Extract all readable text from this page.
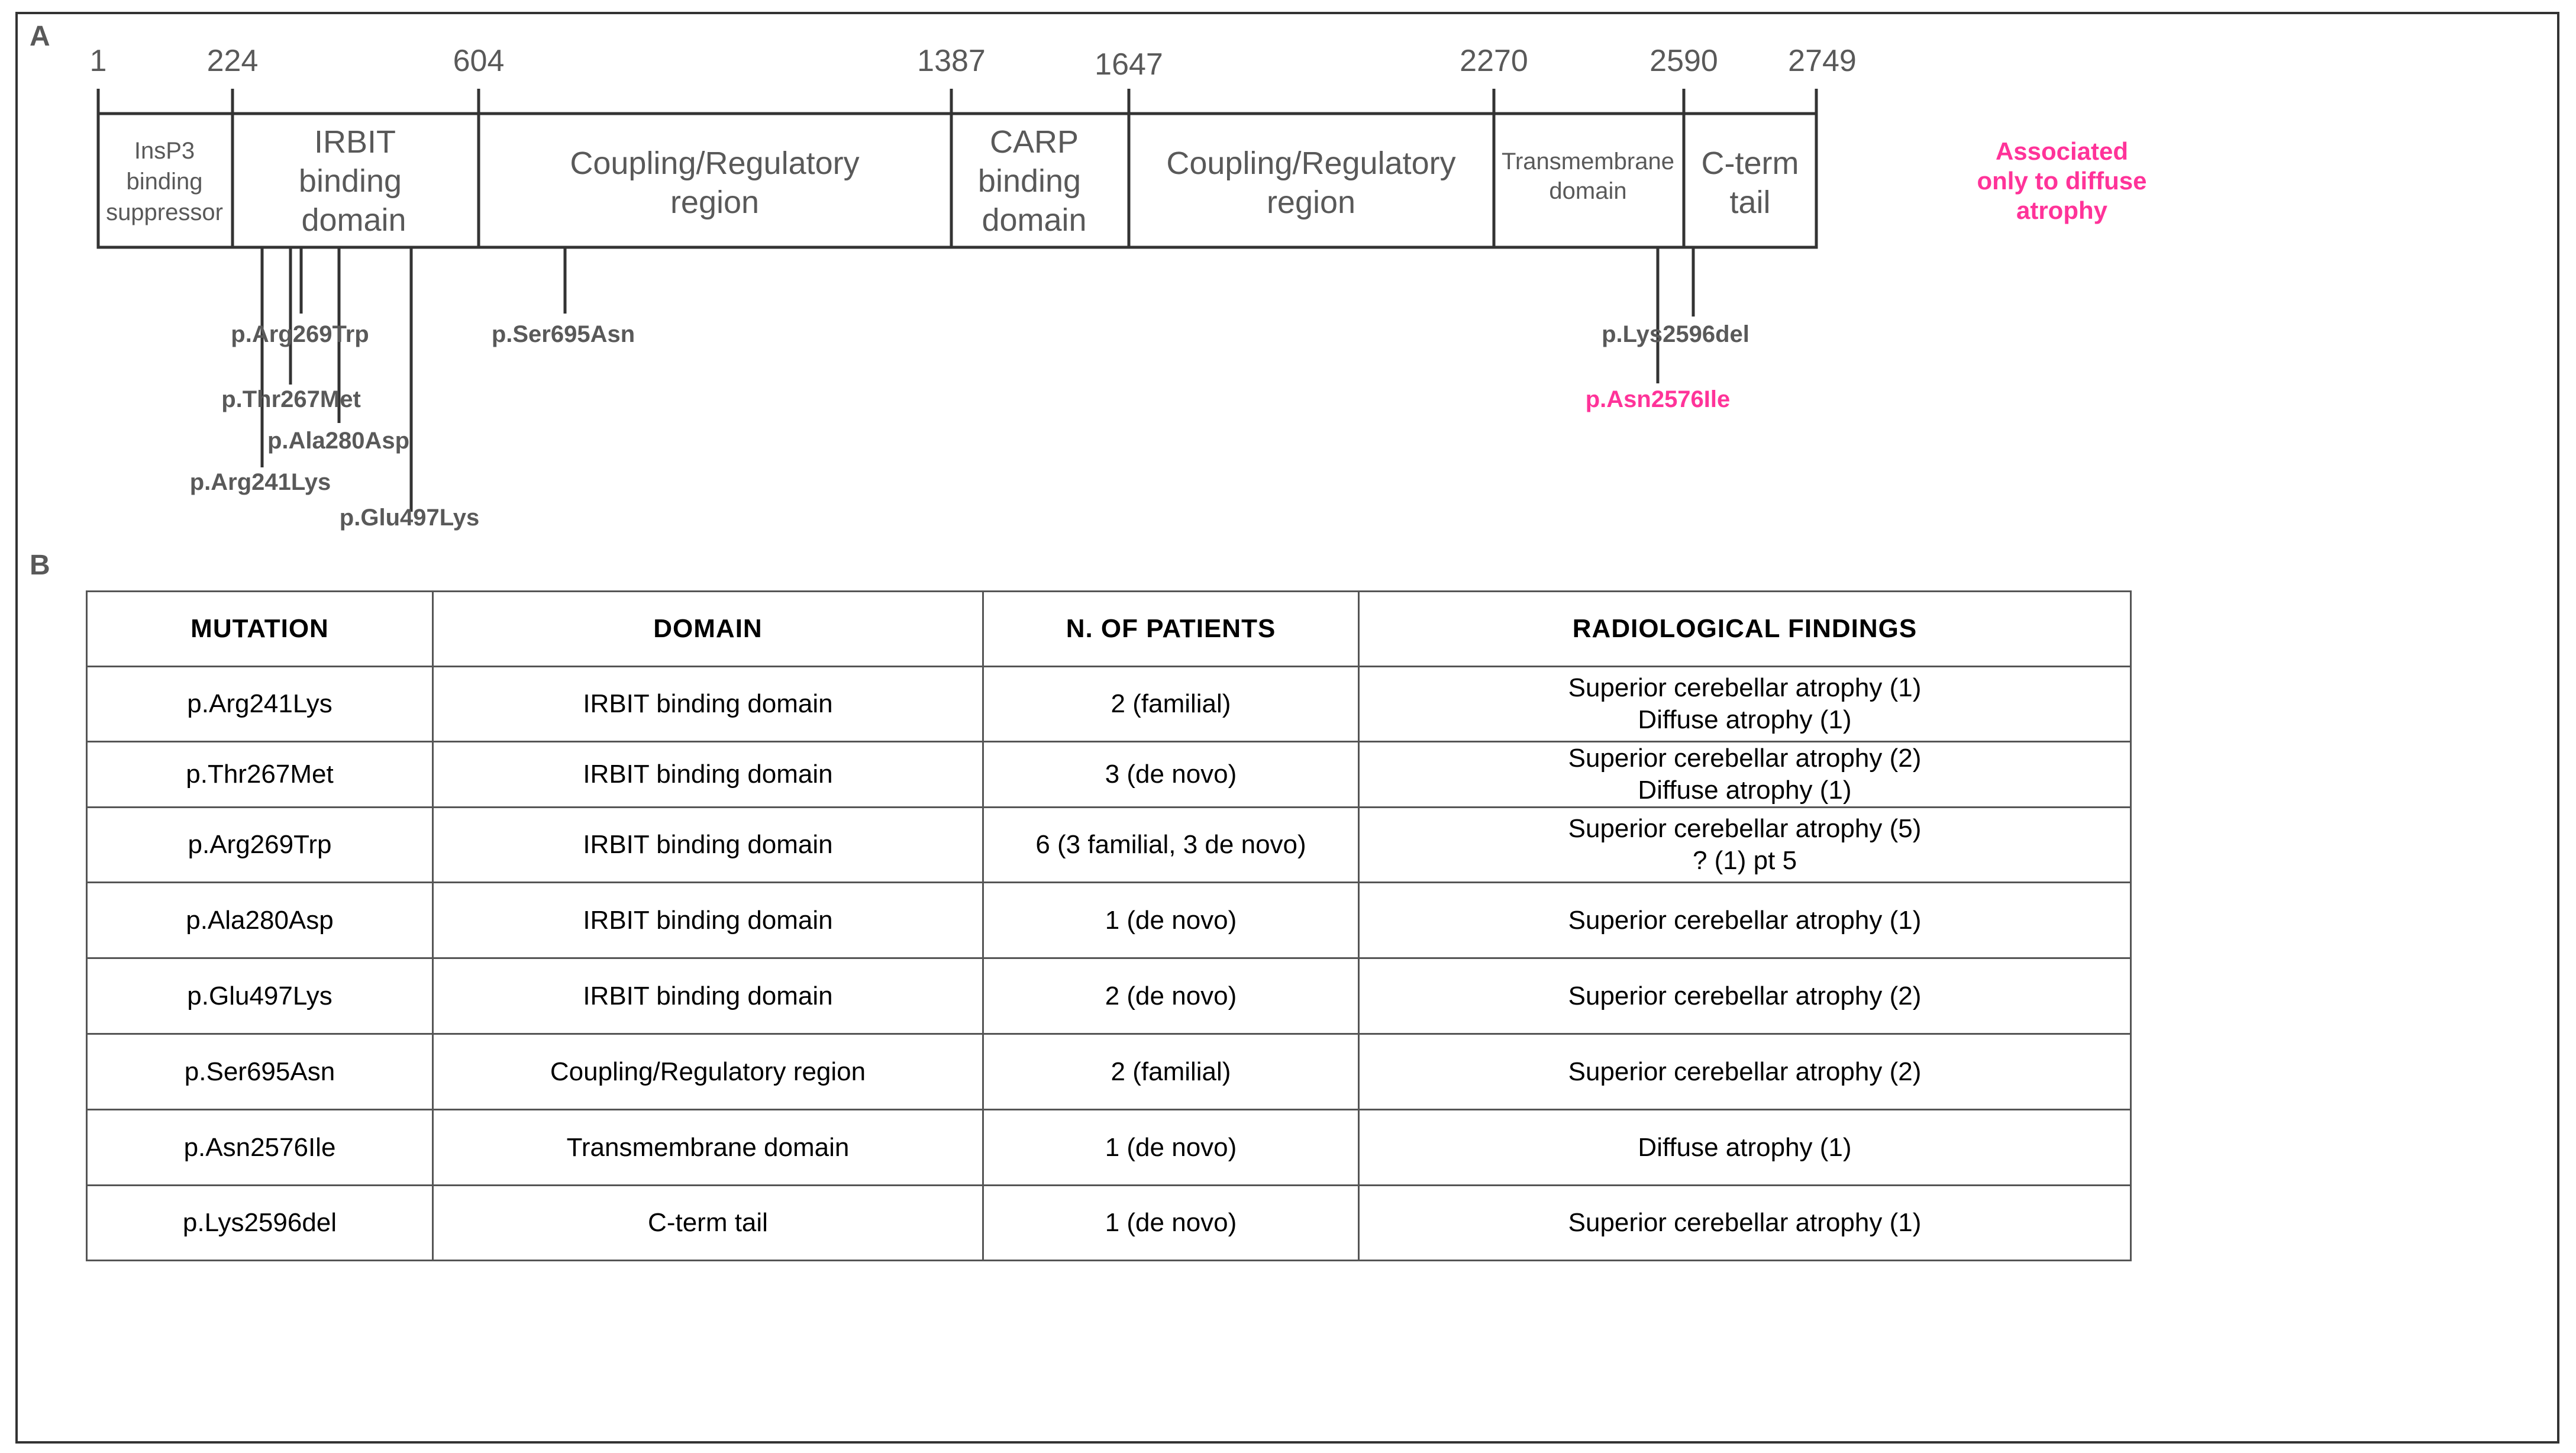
A
B
1	224	604	1387	1647	2270	2590 2749
InsP3
binding
suppressor
IRBIT
binding
domain
Coupling/Regulatory
region
CARP
binding
domain
Coupling/Regulatory
region
Transmembrane
domain
C-term
tail
p.Arg269Trp
p.Thr267Met
p.Ala280Asp
p.Arg241Lys
p.Glu497Lys
p.Ser695Asn	p.Lys2596del
p.Asn2576Ile
Associated
only to diffuse
atrophy
MUTATION	DOMAIN	N. OF PATIENTS	RADIOLOGICAL FINDINGS
p.Arg241Lys	IRBIT binding domain	2 (familial)	Superior cerebellar atrophy (1)
Diffuse atrophy (1)

p.Thr267Met	IRBIT binding domain	3 (de novo)	Superior cerebellar atrophy (2)
Diffuse atrophy (1)

p.Arg269Trp	IRBIT binding domain	6 (3 familial, 3 de novo)	Superior cerebellar atrophy (5)
? (1) pt 5

p.Ala280Asp	IRBIT binding domain	1 (de novo)	Superior cerebellar atrophy (1)

p.Glu497Lys	IRBIT binding domain	2 (de novo)	Superior cerebellar atrophy (2)

p.Ser695Asn	Coupling/Regulatory region	2 (familial)	Superior cerebellar atrophy (2)

p.Asn2576Ile	Transmembrane domain	1 (de novo)	Diffuse atrophy (1)

p.Lys2596del	C-term tail	1 (de novo)	Superior cerebellar atrophy (1)
